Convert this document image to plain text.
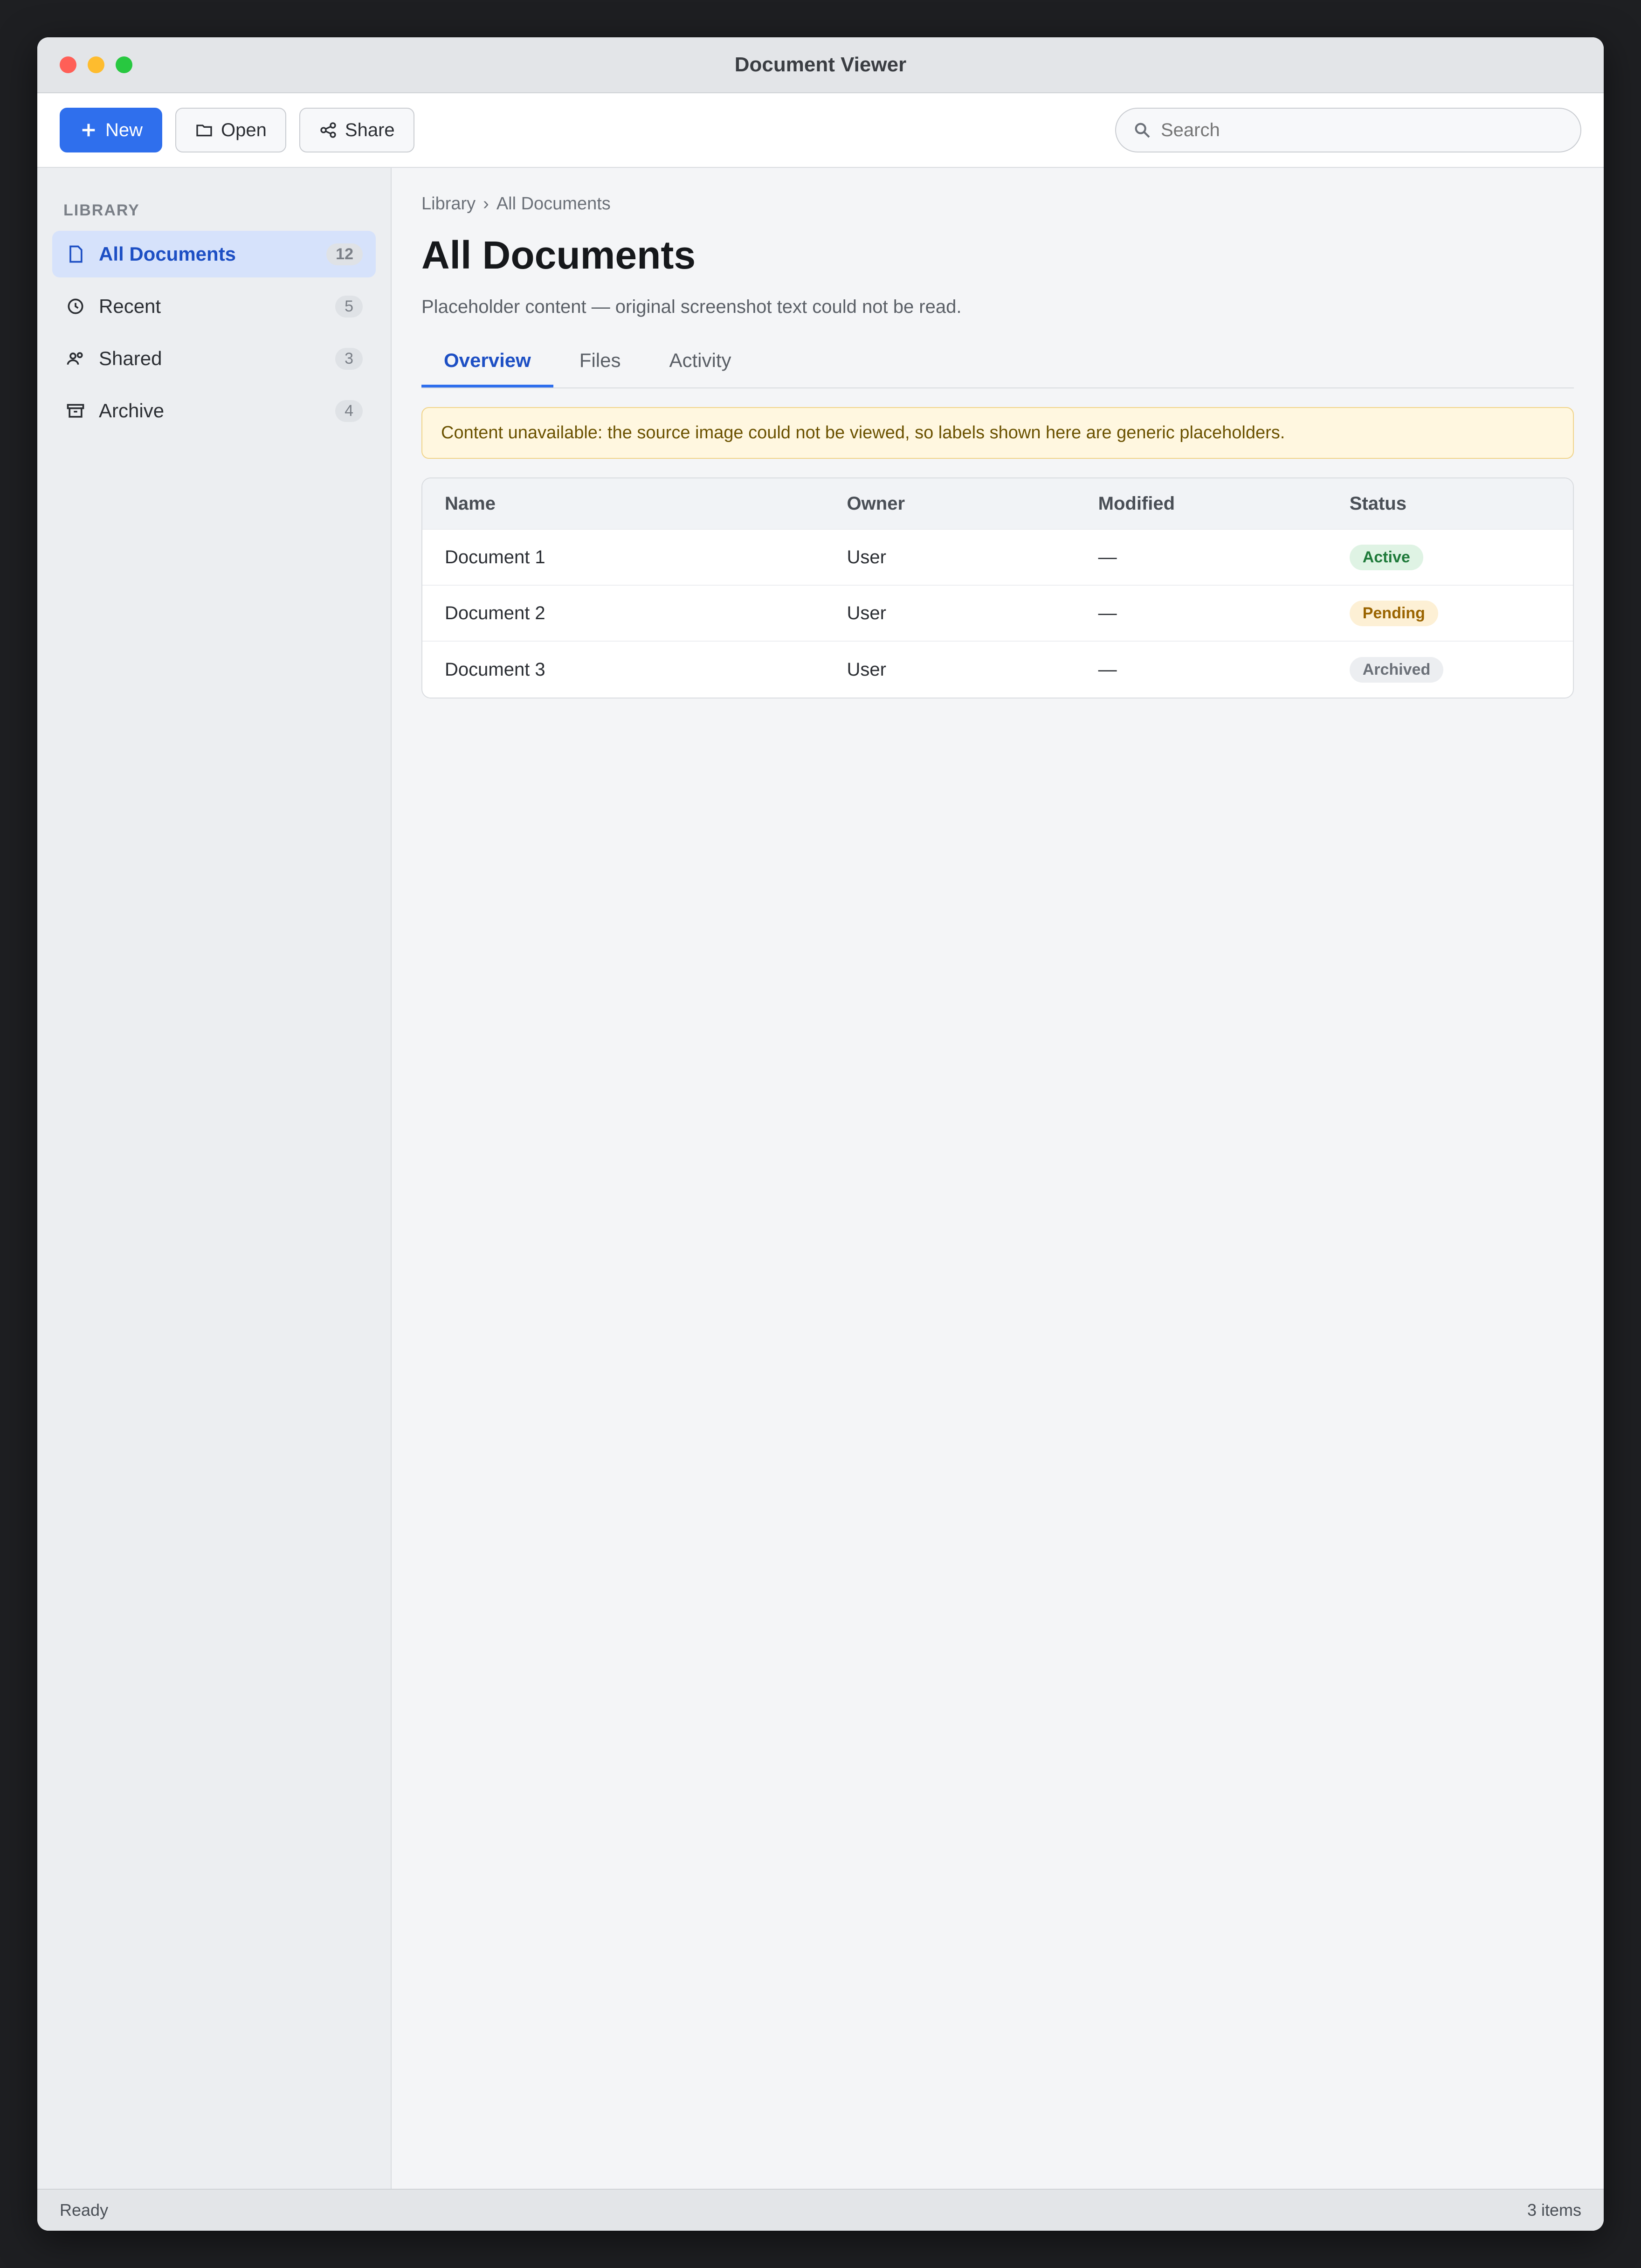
Document Viewer
New	Open	Share
Search
LIBRARY
All Documents	12
Recent	5
Shared	3
Archive	4
Library › All Documents
All Documents
Placeholder content — original screenshot text could not be read.
Overview	Files	Activity
Content unavailable: the source image could not be viewed, so labels shown here are generic placeholders.
Name	Owner	Modified	Status
Document 1	User	—	Active
Document 2	User	—	Pending
Document 3	User	—	Archived
Ready	3 items
